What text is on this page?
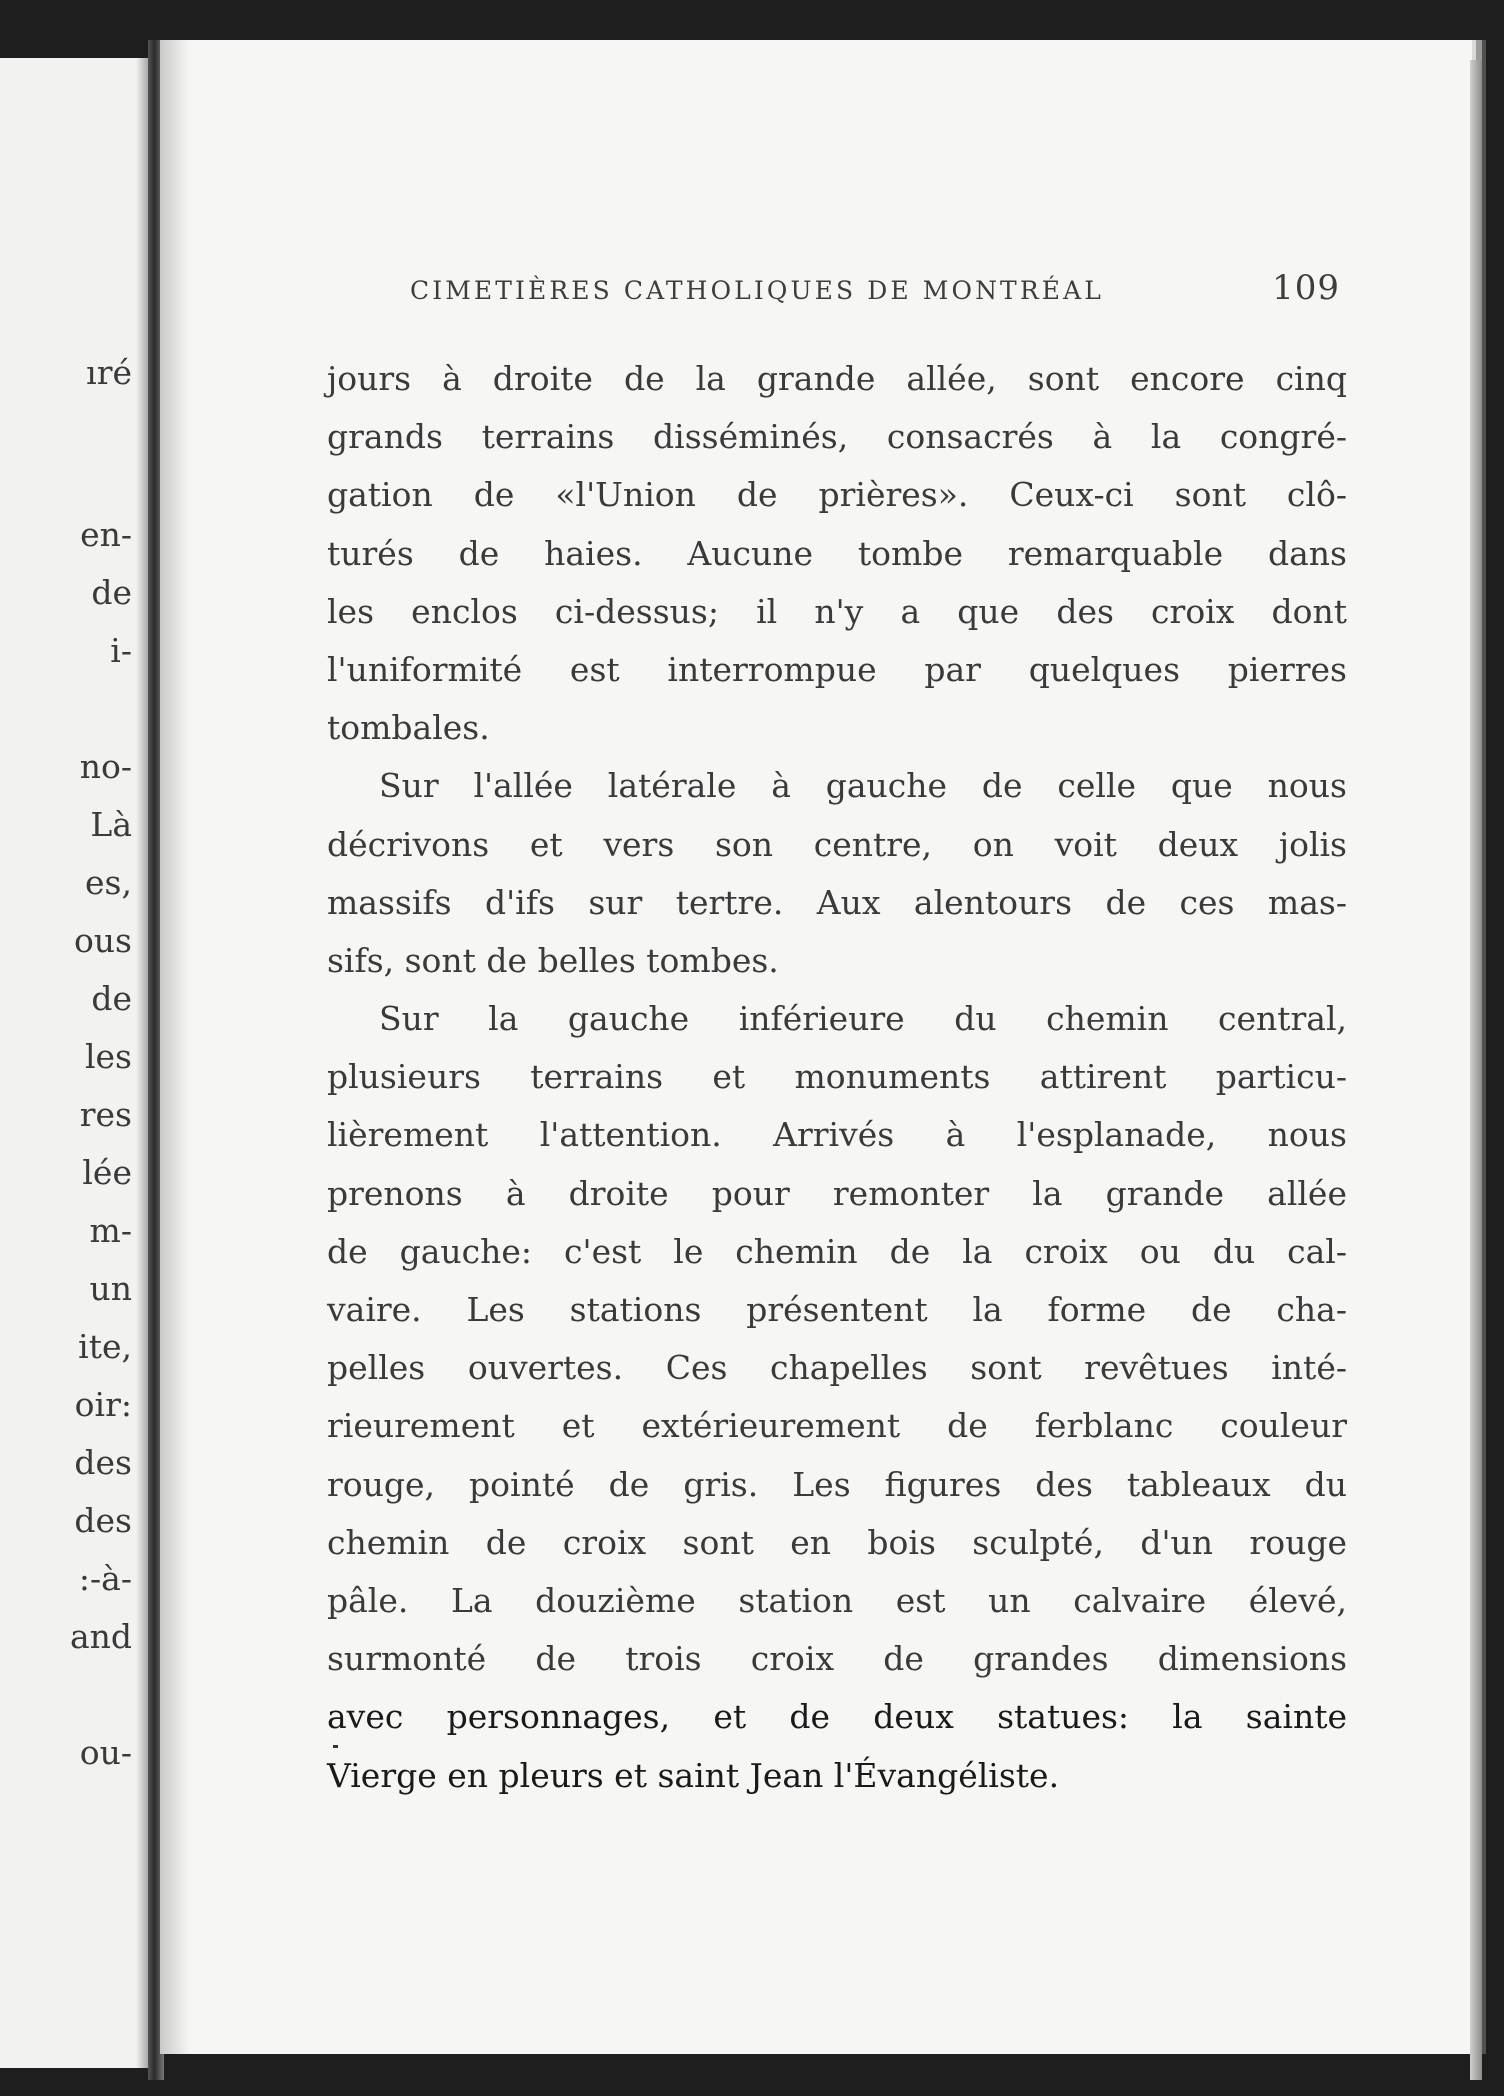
ıré
en-
de
i-
no-
Là
es,
ous
de
les
res
lée
m-
un
ite,
oir:
des
des
:-à-
and
ou-
CIMETIÈRES CATHOLIQUES DE MONTRÉAL	109
jours à droite de la grande allée, sont encore cinq
grands terrains disséminés, consacrés à la congré-
gation de «l'Union de prières». Ceux-ci sont clô-
turés de haies. Aucune tombe remarquable dans
les enclos ci-dessus; il n'y a que des croix dont
l'uniformité est interrompue par quelques pierres
tombales.
Sur l'allée latérale à gauche de celle que nous
décrivons et vers son centre, on voit deux jolis
massifs d'ifs sur tertre. Aux alentours de ces mas-
sifs, sont de belles tombes.
Sur la gauche inférieure du chemin central,
plusieurs terrains et monuments attirent particu-
lièrement l'attention. Arrivés à l'esplanade, nous
prenons à droite pour remonter la grande allée
de gauche: c'est le chemin de la croix ou du cal-
vaire. Les stations présentent la forme de cha-
pelles ouvertes. Ces chapelles sont revêtues inté-
rieurement et extérieurement de ferblanc couleur
rouge, pointé de gris. Les figures des tableaux du
chemin de croix sont en bois sculpté, d'un rouge
pâle. La douzième station est un calvaire élevé,
surmonté de trois croix de grandes dimensions
avec personnages, et de deux statues: la sainte
Vierge en pleurs et saint Jean l'Évangéliste.
